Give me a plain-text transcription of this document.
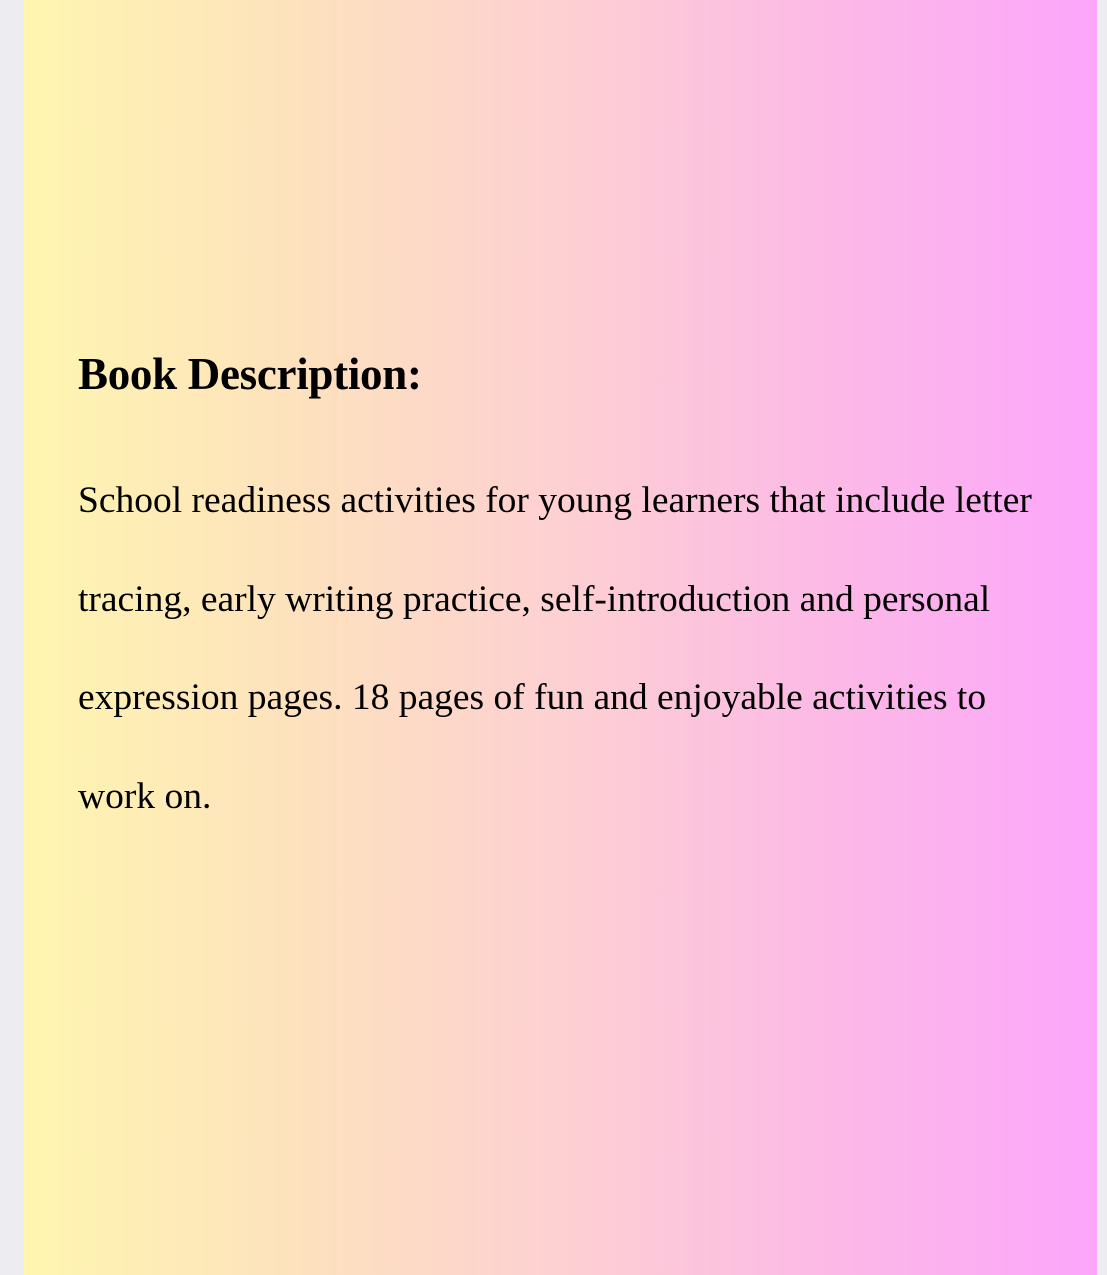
Book Description:

School readiness activities for young learners that include letter tracing, early writing practice, self-introduction and personal expression pages. 18 pages of fun and enjoyable activities to work on.
